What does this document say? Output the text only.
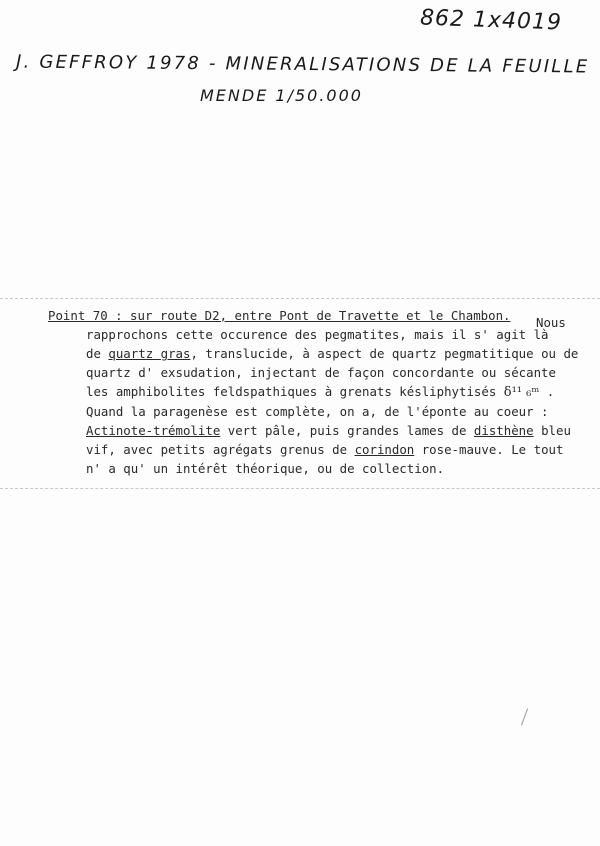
862 1x4019
J. GEFFROY 1978 - MINERALISATIONS DE LA FEUILLE
MENDE 1/50.000
Point 70 : sur route D2, entre Pont de Travette et le Chambon. Nous
rapprochons cette occurence des pegmatites, mais il s' agit là
de quartz gras, translucide, à aspect de quartz pegmatitique ou de
quartz d' exsudation, injectant de façon concordante ou sécante
les amphibolites feldspathiques à grenats késliphytisés δ¹¹ ₆ᵐ .
Quand la paragenèse est complète, on a, de l'éponte au coeur :
Actinote-trémolite vert pâle, puis grandes lames de disthène bleu
vif, avec petits agrégats grenus de corindon rose-mauve. Le tout
n' a qu' un intérêt théorique, ou de collection.
